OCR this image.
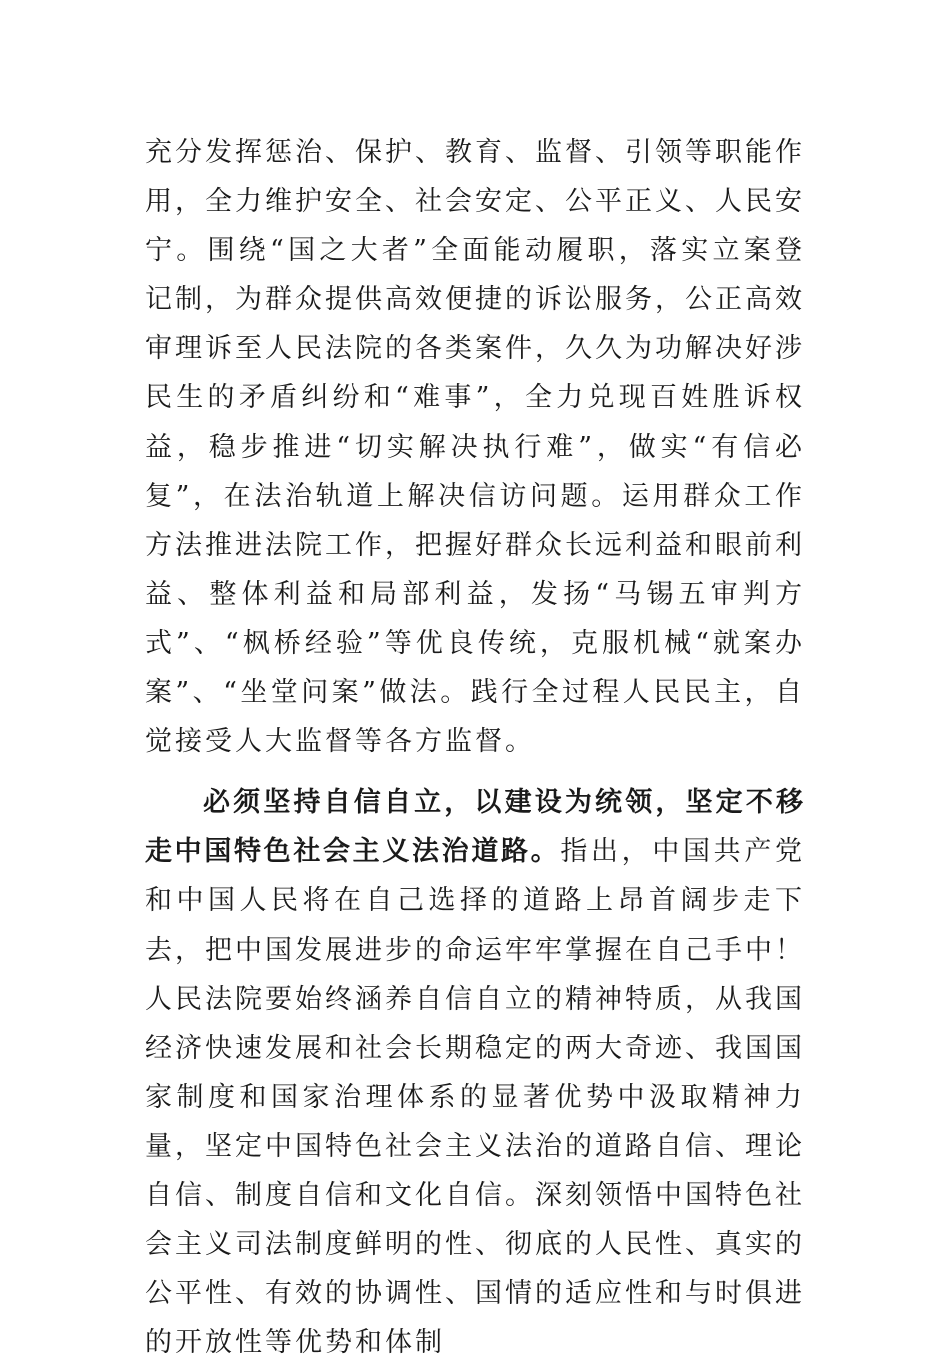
充分发挥惩治、保护、教育、监督、引领等职能作用，全力维护安全、社会安定、公平正义、人民安宁。围绕“国之大者”全面能动履职，落实立案登记制，为群众提供高效便捷的诉讼服务，公正高效审理诉至人民法院的各类案件，久久为功解决好涉民生的矛盾纠纷和“难事”，全力兑现百姓胜诉权益，稳步推进“切实解决执行难”，做实“有信必复”，在法治轨道上解决信访问题。运用群众工作方法推进法院工作，把握好群众长远利益和眼前利益、整体利益和局部利益，发扬“马锡五审判方式”、“枫桥经验”等优良传统，克服机械“就案办案”、“坐堂问案”做法。践行全过程人民民主，自觉接受人大监督等各方监督。

必须坚持自信自立，以建设为统领，坚定不移走中国特色社会主义法治道路。指出，中国共产党和中国人民将在自己选择的道路上昂首阔步走下去，把中国发展进步的命运牢牢掌握在自己手中！人民法院要始终涵养自信自立的精神特质，从我国经济快速发展和社会长期稳定的两大奇迹、我国国家制度和国家治理体系的显著优势中汲取精神力量，坚定中国特色社会主义法治的道路自信、理论自信、制度自信和文化自信。深刻领悟中国特色社会主义司法制度鲜明的性、彻底的人民性、真实的公平性、有效的协调性、国情的适应性和与时俱进的开放性等优势和体制
